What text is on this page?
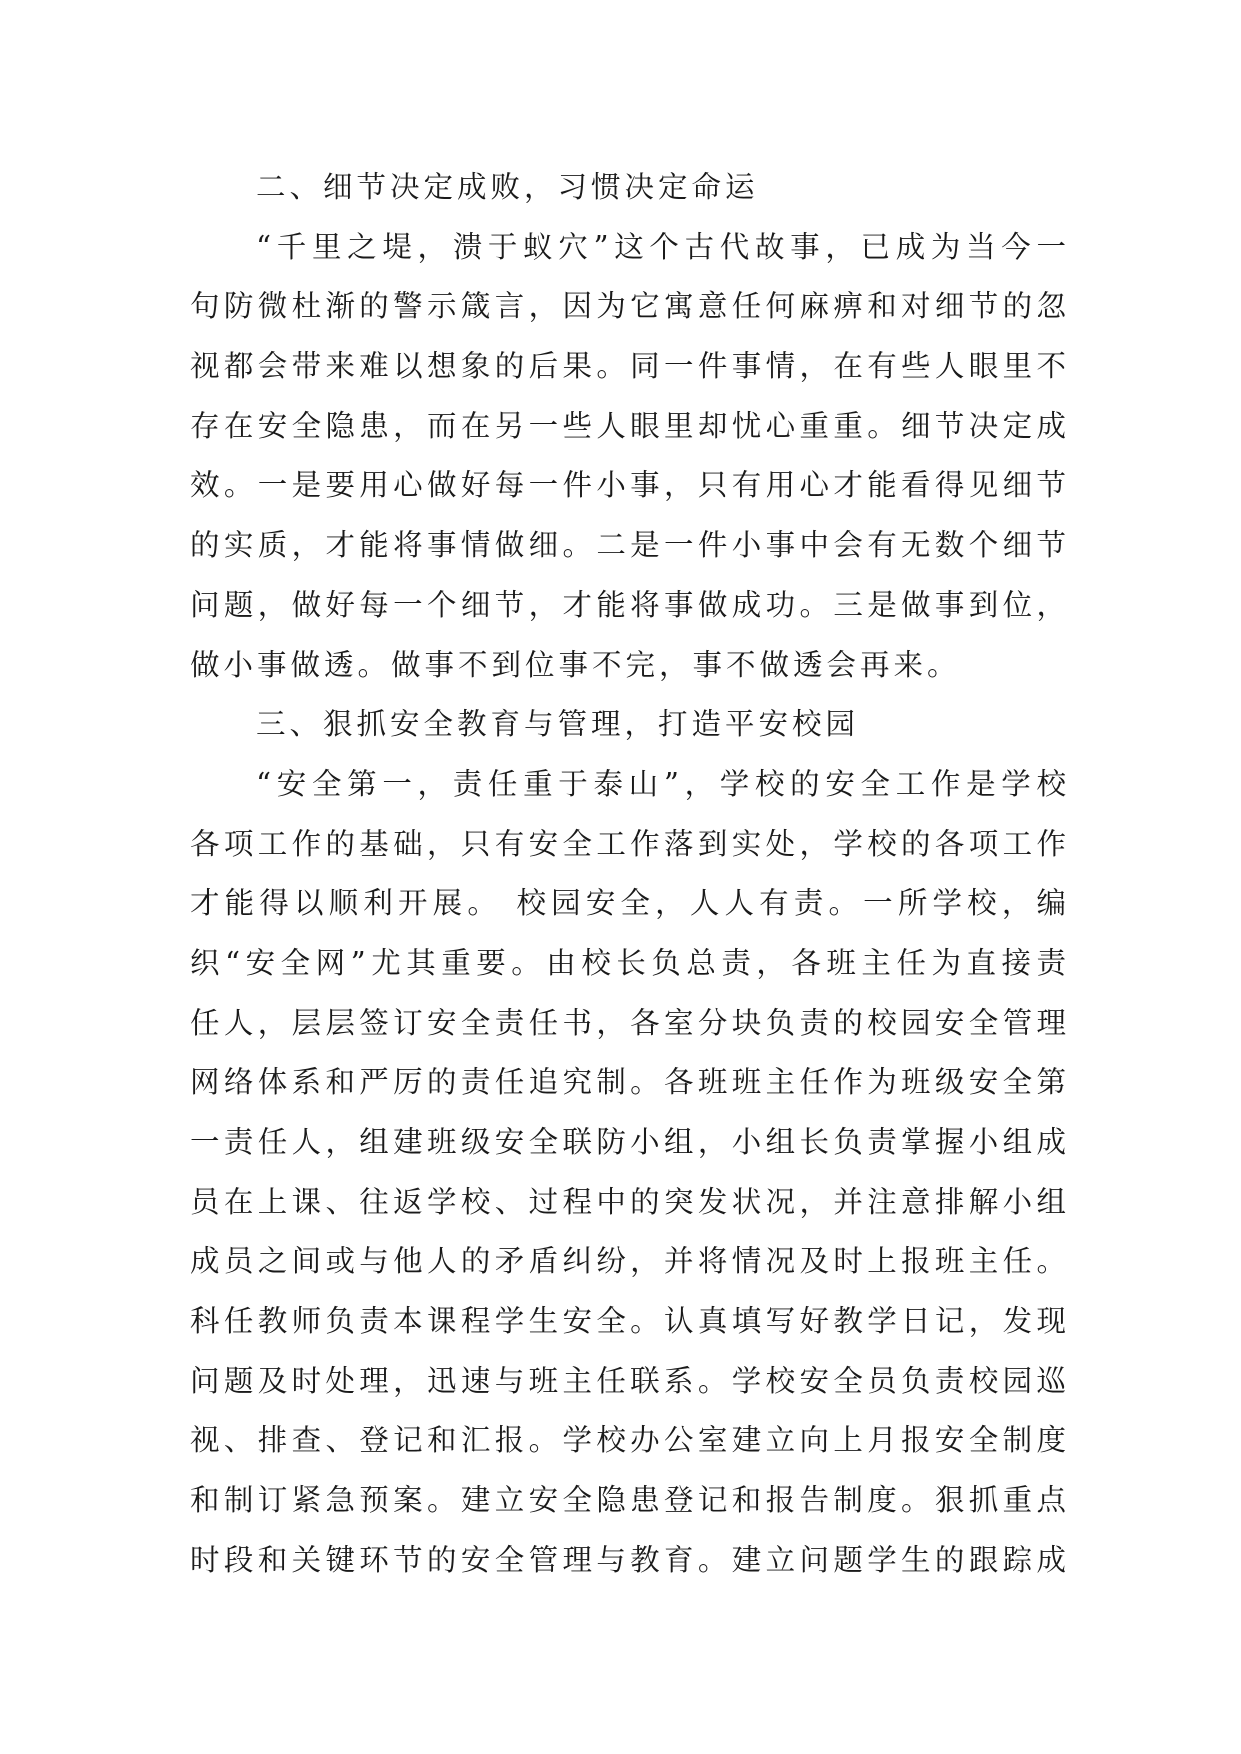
二、细节决定成败，习惯决定命运
“千里之堤，溃于蚁穴”这个古代故事，已成为当今一
句防微杜渐的警示箴言，因为它寓意任何麻痹和对细节的忽
视都会带来难以想象的后果。同一件事情，在有些人眼里不
存在安全隐患，而在另一些人眼里却忧心重重。细节决定成
效。一是要用心做好每一件小事，只有用心才能看得见细节
的实质，才能将事情做细。二是一件小事中会有无数个细节
问题，做好每一个细节，才能将事做成功。三是做事到位，
做小事做透。做事不到位事不完，事不做透会再来。
三、狠抓安全教育与管理，打造平安校园
“安全第一，责任重于泰山”，学校的安全工作是学校
各项工作的基础，只有安全工作落到实处，学校的各项工作
才能得以顺利开展。 校园安全，人人有责。一所学校，编
织“安全网”尤其重要。由校长负总责，各班主任为直接责
任人，层层签订安全责任书，各室分块负责的校园安全管理
网络体系和严厉的责任追究制。各班班主任作为班级安全第
一责任人，组建班级安全联防小组，小组长负责掌握小组成
员在上课、往返学校、过程中的突发状况，并注意排解小组
成员之间或与他人的矛盾纠纷，并将情况及时上报班主任。
科任教师负责本课程学生安全。认真填写好教学日记，发现
问题及时处理，迅速与班主任联系。学校安全员负责校园巡
视、排查、登记和汇报。学校办公室建立向上月报安全制度
和制订紧急预案。建立安全隐患登记和报告制度。狠抓重点
时段和关键环节的安全管理与教育。建立问题学生的跟踪成
